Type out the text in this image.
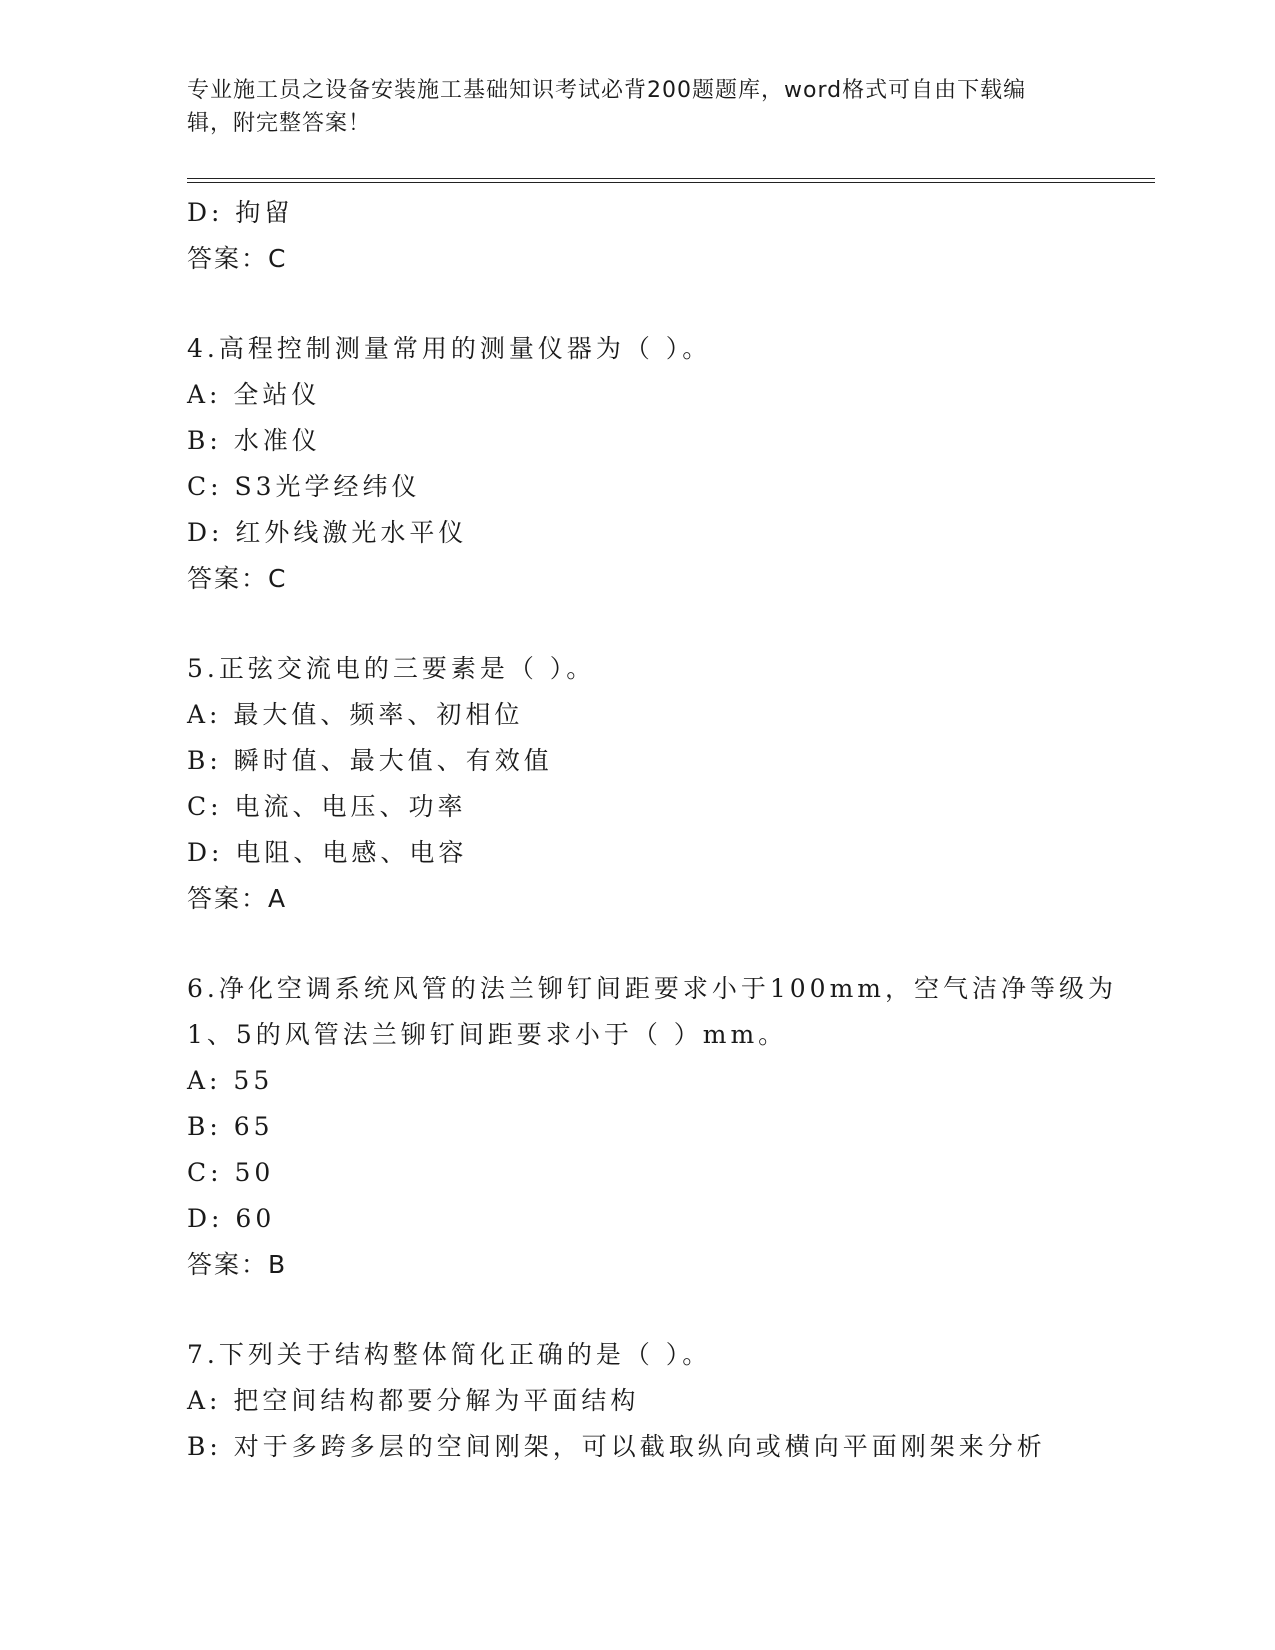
专业施工员之设备安装施工基础知识考试必背200题题库，word格式可自由下载编辑，附完整答案！
D: 拘留
答案：C
4.高程控制测量常用的测量仪器为（ ）。
A: 全站仪
B: 水准仪
C: S3光学经纬仪
D: 红外线激光水平仪
答案：C
5.正弦交流电的三要素是（ ）。
A: 最大值、频率、初相位
B: 瞬时值、最大值、有效值
C: 电流、电压、功率
D: 电阻、电感、电容
答案：A
6.净化空调系统风管的法兰铆钉间距要求小于100mm，空气洁净等级为
1、5的风管法兰铆钉间距要求小于（ ）mm。
A: 55
B: 65
C: 50
D: 60
答案：B
7.下列关于结构整体简化正确的是（ ）。
A: 把空间结构都要分解为平面结构
B: 对于多跨多层的空间刚架，可以截取纵向或横向平面刚架来分析
